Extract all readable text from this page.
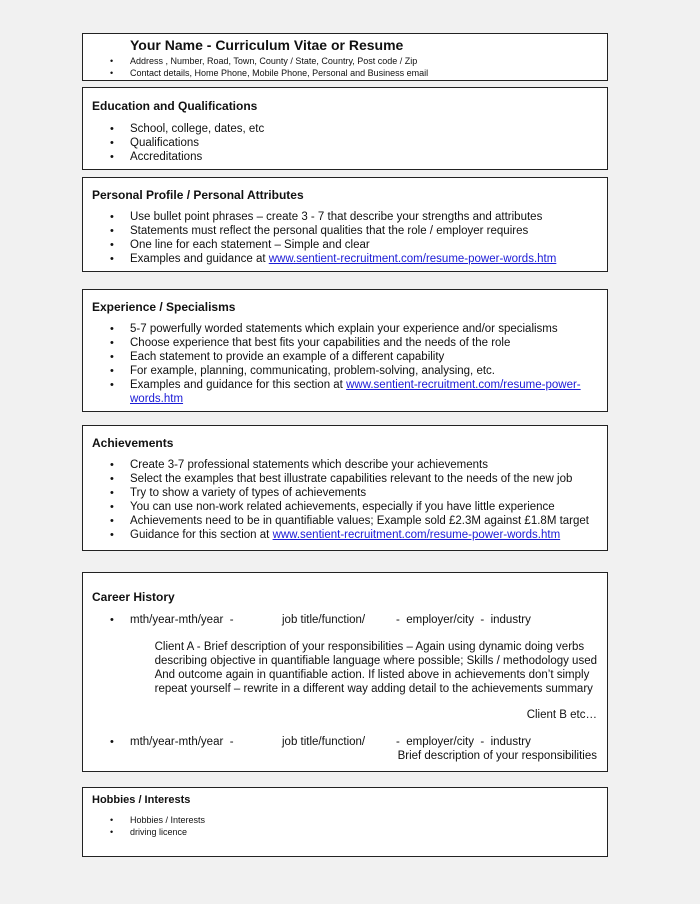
Your Name - Curriculum Vitae or Resume
• Address , Number, Road, Town, County / State, Country, Post code / Zip
• Contact details, Home Phone, Mobile Phone, Personal and Business email
Education and Qualifications
• School, college, dates, etc
• Qualifications
• Accreditations
Personal Profile / Personal Attributes
• Use bullet point phrases – create 3 - 7 that describe your strengths and attributes
• Statements must reflect the personal qualities that the role / employer requires
• One line for each statement – Simple and clear
• Examples and guidance at www.sentient-recruitment.com/resume-power-words.htm
Experience / Specialisms
• 5-7 powerfully worded statements which explain your experience and/or specialisms
• Choose experience that best fits your capabilities and the needs of the role
• Each statement to provide an example of a different capability
• For example, planning, communicating, problem-solving, analysing, etc.
• Examples and guidance for this section at www.sentient-recruitment.com/resume-power-
words.htm
Achievements
• Create 3-7 professional statements which describe your achievements
• Select the examples that best illustrate capabilities relevant to the needs of the new job
• Try to show a variety of types of achievements
• You can use non-work related achievements, especially if you have little experience
• Achievements need to be in quantifiable values; Example sold £2.3M against £1.8M target
• Guidance for this section at www.sentient-recruitment.com/resume-power-words.htm
Career History
• mth/year-mth/year  -	job title/function/	-  employer/city  -  industry
Client A - Brief description of your responsibilities – Again using dynamic doing verbs
describing objective in quantifiable language where possible; Skills / methodology used
And outcome again in quantifiable action. If listed above in achievements don’t simply
repeat yourself – rewrite in a different way adding detail to the achievements summary
Client B etc…
• mth/year-mth/year  -	job title/function/	-  employer/city  -  industry
Brief description of your responsibilities
Hobbies / Interests
• Hobbies / Interests
• driving licence
